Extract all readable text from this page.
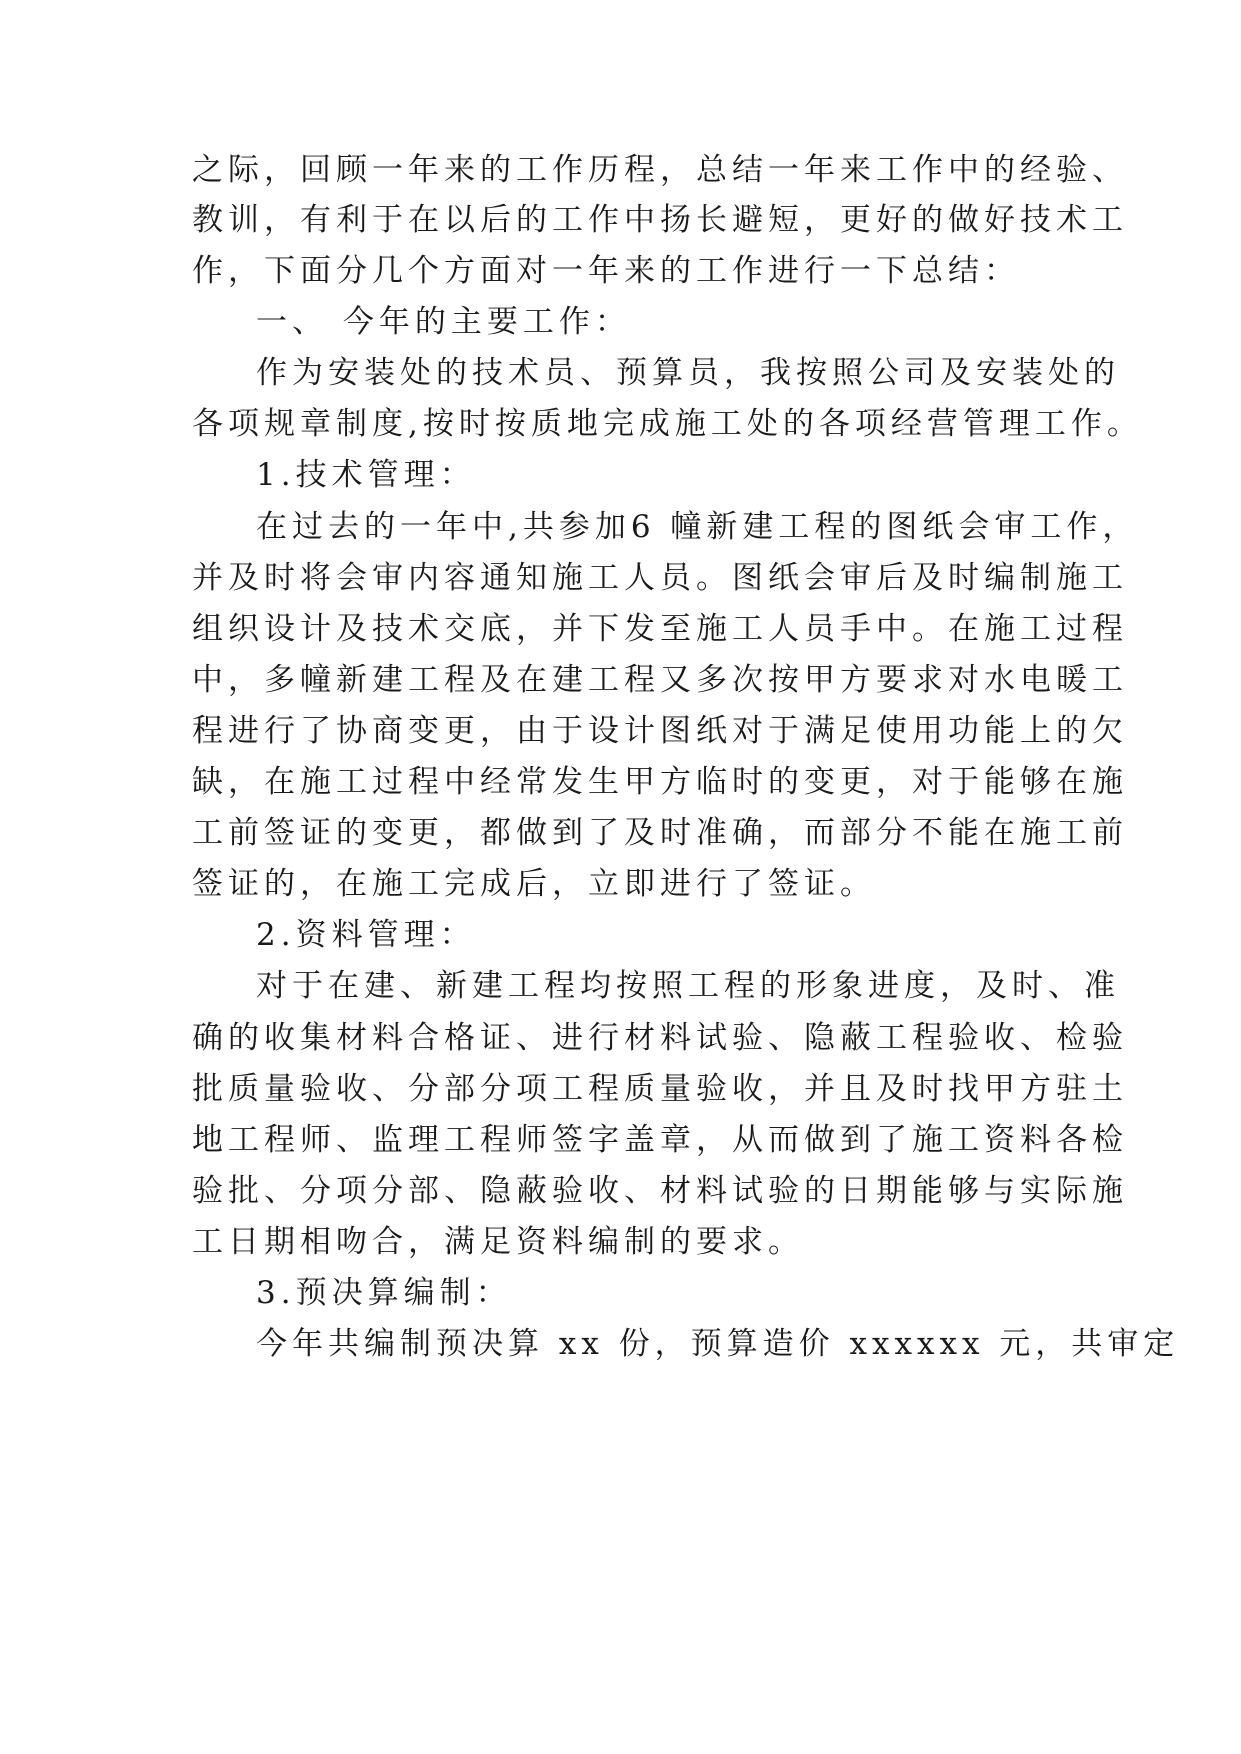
之际，回顾一年来的工作历程，总结一年来工作中的经验、
教训，有利于在以后的工作中扬长避短，更好的做好技术工
作，下面分几个方面对一年来的工作进行一下总结：
一、 今年的主要工作：
作为安装处的技术员、预算员，我按照公司及安装处的
各项规章制度,按时按质地完成施工处的各项经营管理工作。
1.技术管理：
在过去的一年中,共参加6 幢新建工程的图纸会审工作，
并及时将会审内容通知施工人员。图纸会审后及时编制施工
组织设计及技术交底，并下发至施工人员手中。在施工过程
中，多幢新建工程及在建工程又多次按甲方要求对水电暖工
程进行了协商变更，由于设计图纸对于满足使用功能上的欠
缺，在施工过程中经常发生甲方临时的变更，对于能够在施
工前签证的变更，都做到了及时准确，而部分不能在施工前
签证的，在施工完成后，立即进行了签证。
2.资料管理：
对于在建、新建工程均按照工程的形象进度，及时、准
确的收集材料合格证、进行材料试验、隐蔽工程验收、检验
批质量验收、分部分项工程质量验收，并且及时找甲方驻土
地工程师、监理工程师签字盖章，从而做到了施工资料各检
验批、分项分部、隐蔽验收、材料试验的日期能够与实际施
工日期相吻合，满足资料编制的要求。
3.预决算编制：
今年共编制预决算 xx 份，预算造价 xxxxxx 元，共审定
